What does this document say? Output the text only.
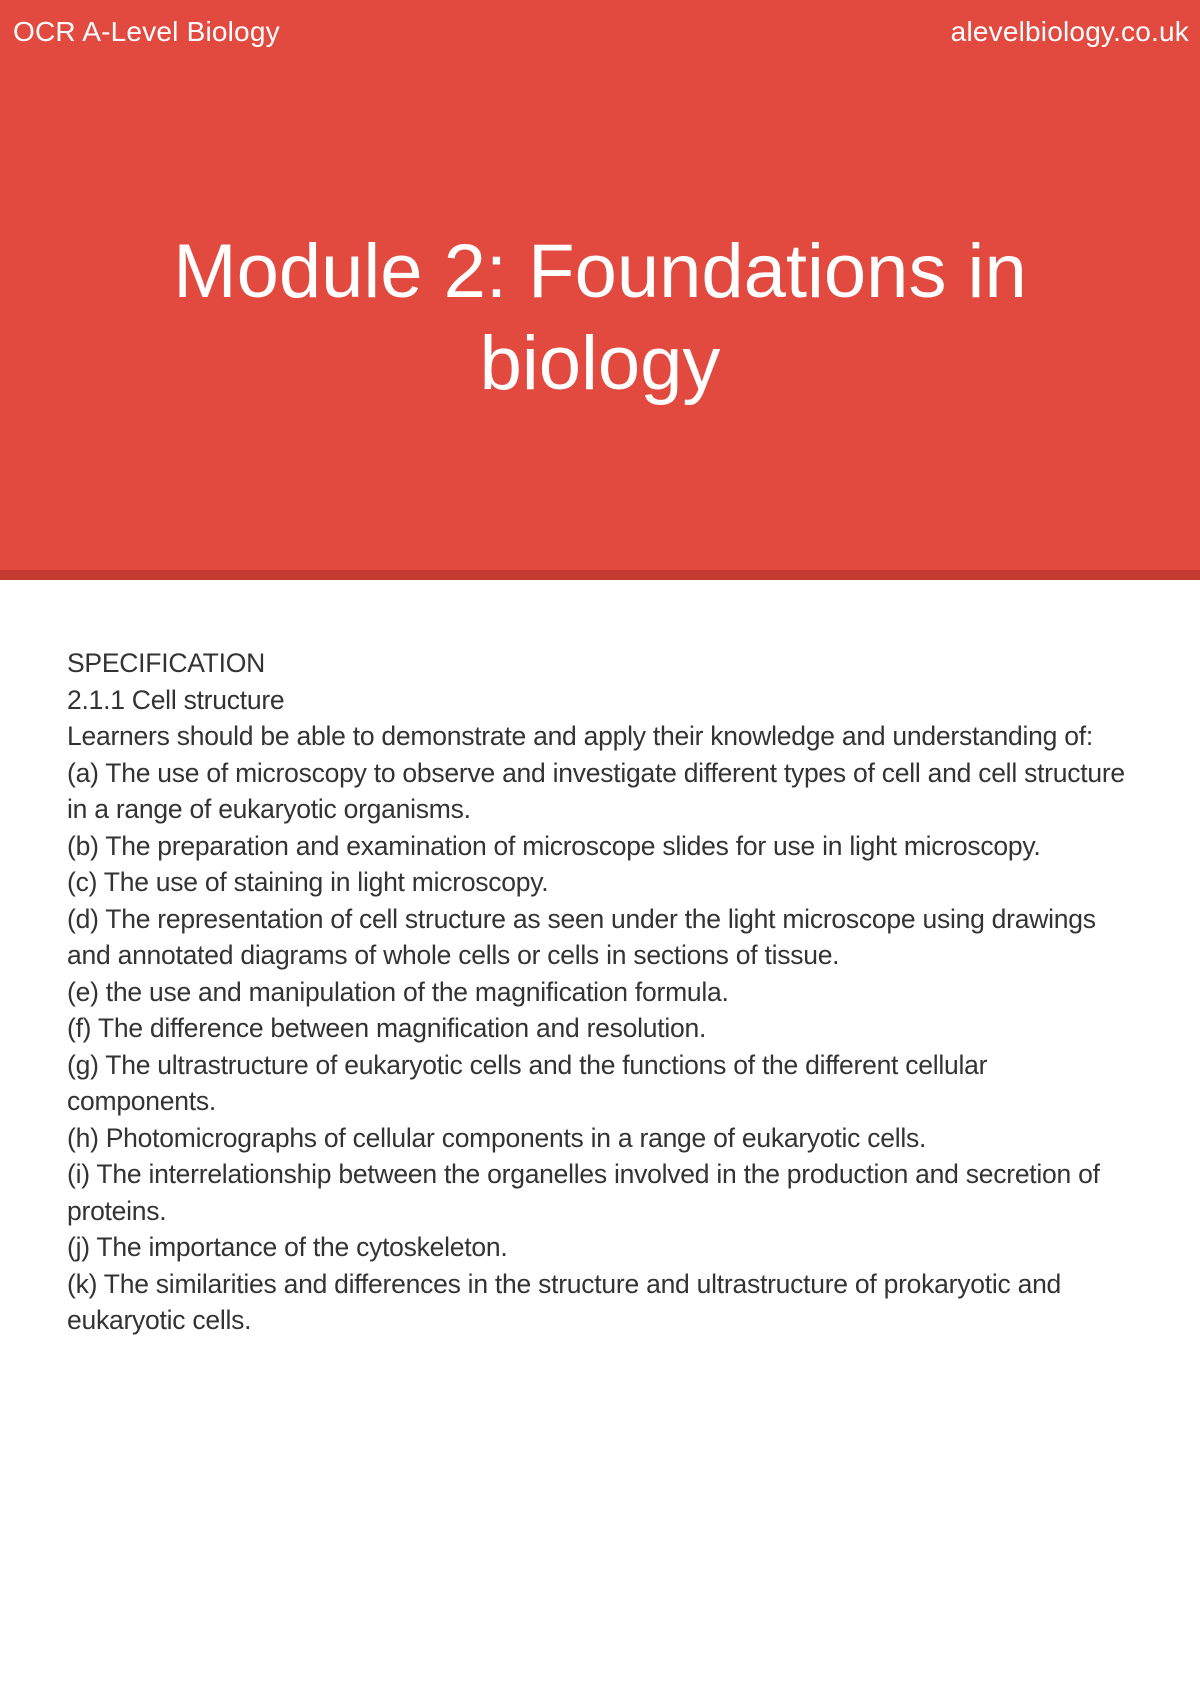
OCR A-Level Biology	alevelbiology.co.uk
Module 2: Foundations in biology
SPECIFICATION
2.1.1 Cell structure
Learners should be able to demonstrate and apply their knowledge and understanding of:
(a) The use of microscopy to observe and investigate different types of cell and cell structure in a range of eukaryotic organisms.
(b) The preparation and examination of microscope slides for use in light microscopy.
(c) The use of staining in light microscopy.
(d) The representation of cell structure as seen under the light microscope using drawings and annotated diagrams of whole cells or cells in sections of tissue.
(e) the use and manipulation of the magnification formula.
(f) The difference between magnification and resolution.
(g) The ultrastructure of eukaryotic cells and the functions of the different cellular components.
(h) Photomicrographs of cellular components in a range of eukaryotic cells.
(i) The interrelationship between the organelles involved in the production and secretion of proteins.
(j) The importance of the cytoskeleton.
(k) The similarities and differences in the structure and ultrastructure of prokaryotic and eukaryotic cells.
